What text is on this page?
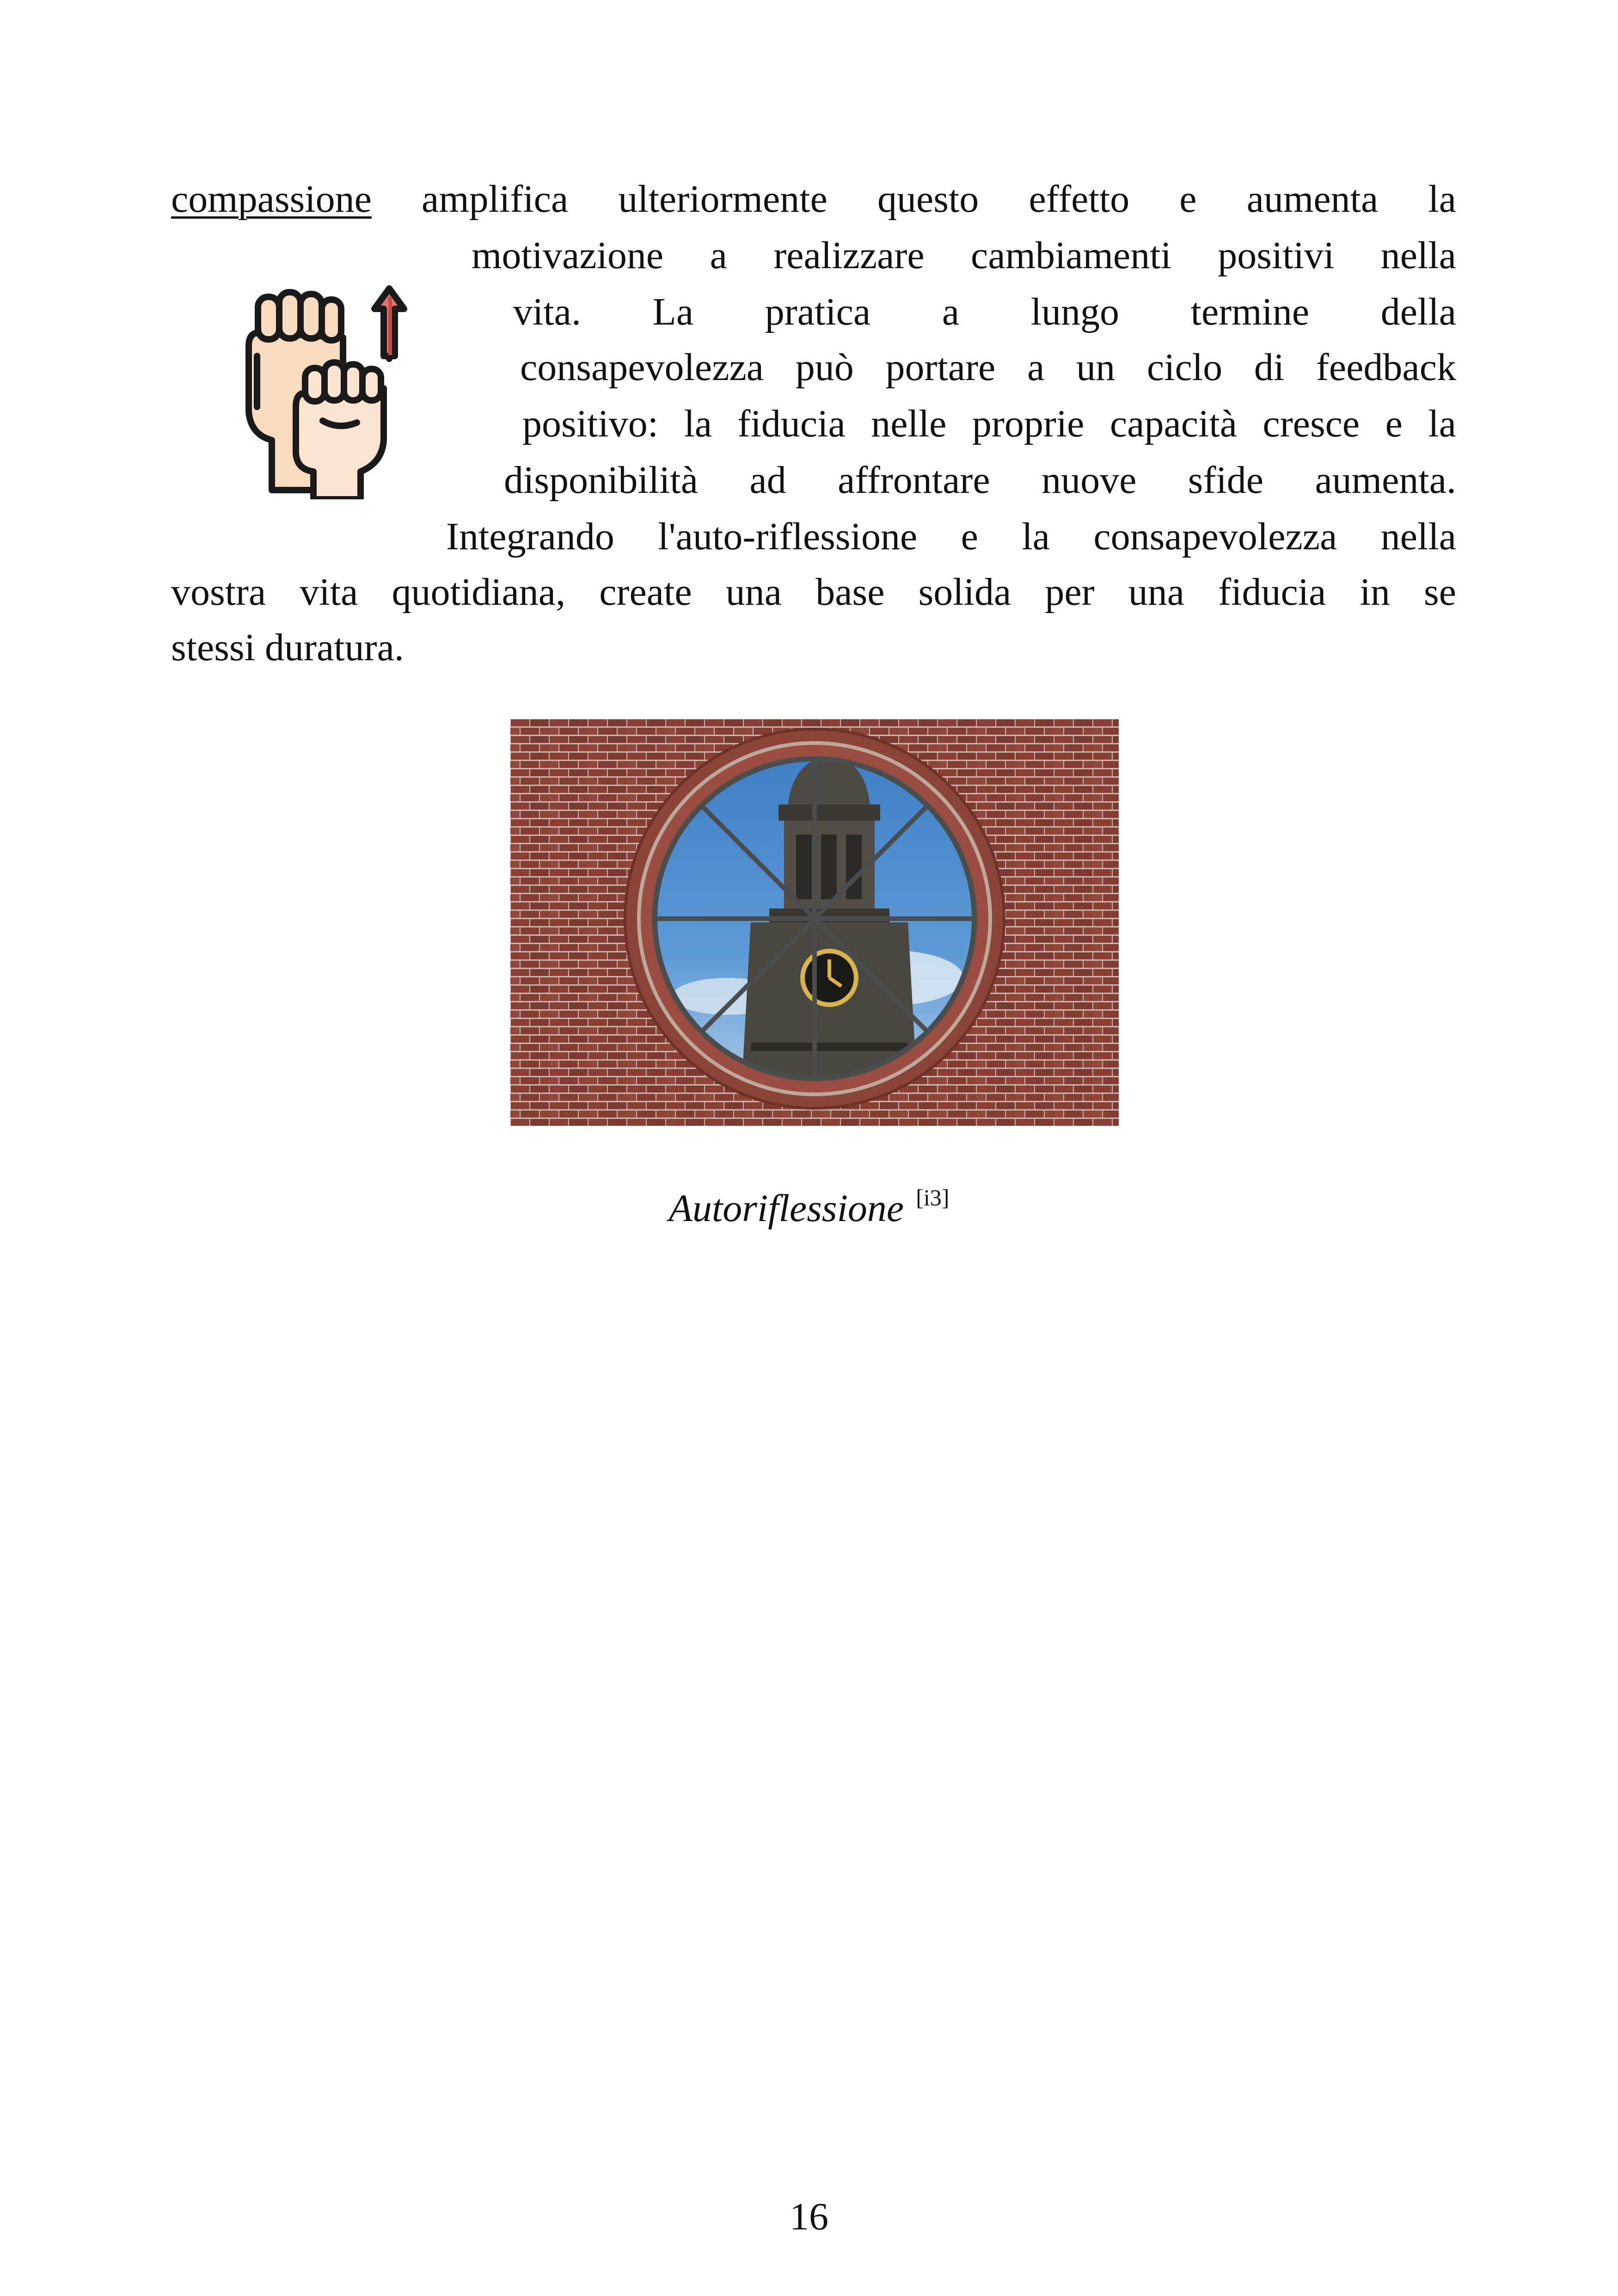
compassione amplifica ulteriormente questo effetto e aumenta la

motivazione a realizzare cambiamenti positivi nella

vita. La pratica a lungo termine della

consapevolezza può portare a un ciclo di feedback

positivo: la fiducia nelle proprie capacità cresce e la

disponibilità ad affrontare nuove sfide aumenta.

Integrando l'auto-riflessione e la consapevolezza nella

vostra vita quotidiana, create una base solida per una fiducia in se

stessi duratura.

Autoriflessione [i3]
16
